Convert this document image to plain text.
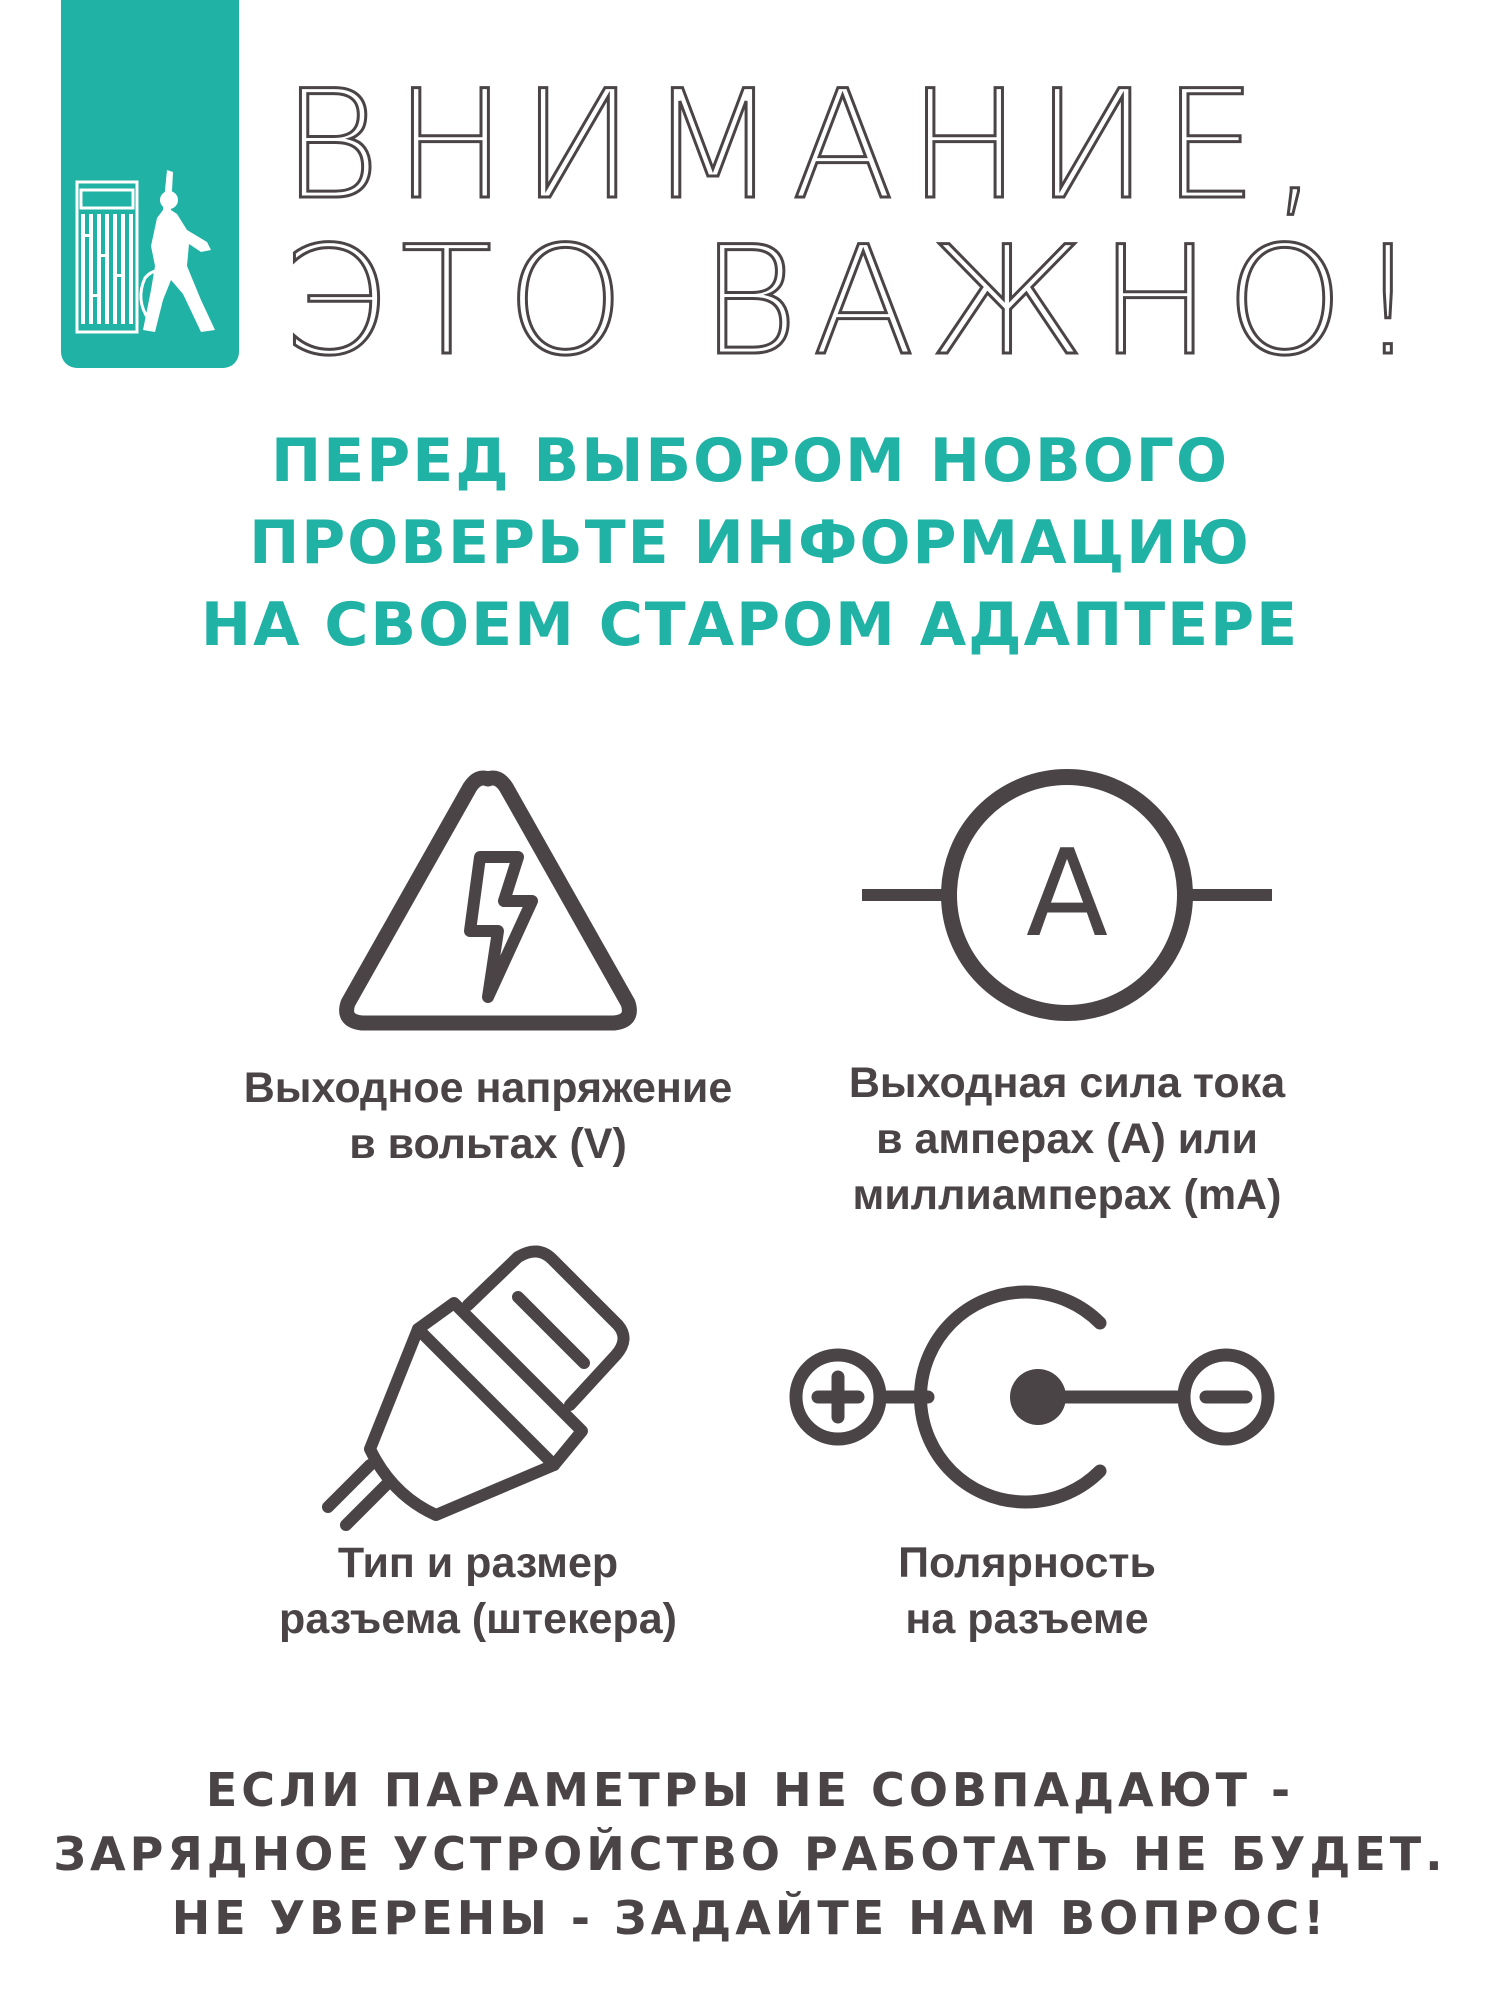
ВНИМАНИЕ,
ЭТО ВАЖНО!
ПЕРЕД ВЫБОРОМ НОВОГО
ПРОВЕРЬТЕ ИНФОРМАЦИЮ
НА СВОЕМ СТАРОМ АДАПТЕРЕ
A
Выходное напряжение
в вольтах (V)
Выходная сила тока
в амперах (А) или
миллиамперах (mA)
Тип и размер
разъема (штекера)
Полярность
на разъеме
ЕСЛИ ПАРАМЕТРЫ НЕ СОВПАДАЮТ -
ЗАРЯДНОЕ УСТРОЙСТВО РАБОТАТЬ НЕ БУДЕТ.
НЕ УВЕРЕНЫ - ЗАДАЙТЕ НАМ ВОПРОС!
